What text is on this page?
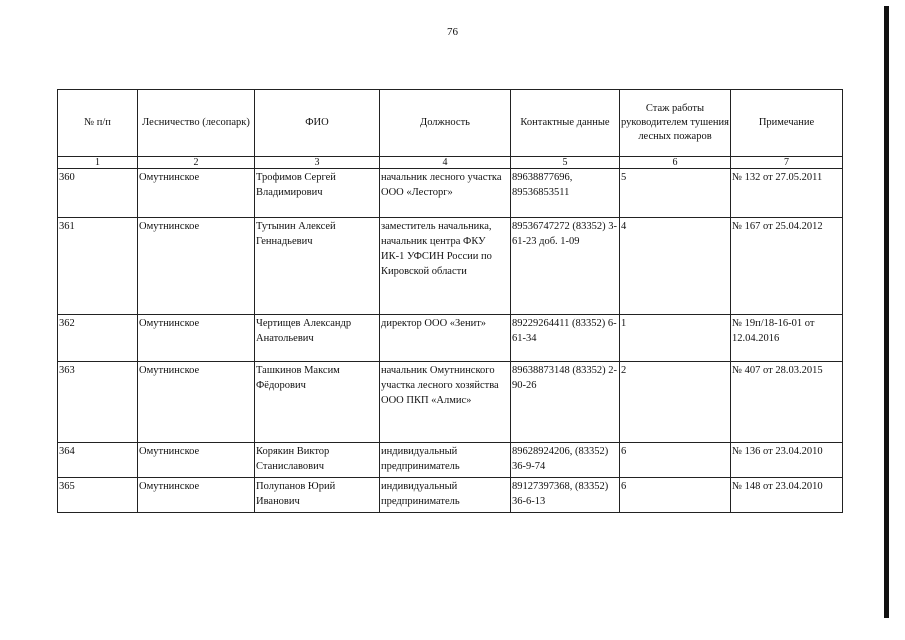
76
№ п/п	Лесничество (лесопарк)	ФИО	Должность	Контактные данные	Стаж работы руководителем тушения лесных пожаров	Примечание
1	2	3	4	5	6	7
360	Омутнинское	Трофимов Сергей Владимирович	начальник лесного участка ООО «Лесторг»	89638877696, 89536853511	5	№ 132 от 27.05.2011
361	Омутнинское	Тутынин Алексей Геннадьевич	заместитель начальника, начальник центра ФКУ ИК-1 УФСИН России по Кировской области	89536747272 (83352) 3-61-23 доб. 1-09	4	№ 167 от 25.04.2012
362	Омутнинское	Чертищев Александр Анатольевич	директор ООО «Зенит»	89229264411 (83352) 6-61-34	1	№ 19п/18-16-01 от 12.04.2016
363	Омутнинское	Ташкинов Максим Фёдорович	начальник Омутнинского участка лесного хозяйства ООО ПКП «Алмис»	89638873148 (83352) 2-90-26	2	№ 407 от 28.03.2015
364	Омутнинское	Корякин Виктор Станиславович	индивидуальный предприниматель	89628924206, (83352) 36-9-74	6	№ 136 от 23.04.2010
365	Омутнинское	Полупанов Юрий Иванович	индивидуальный предприниматель	89127397368, (83352) 36-6-13	6	№ 148 от 23.04.2010
